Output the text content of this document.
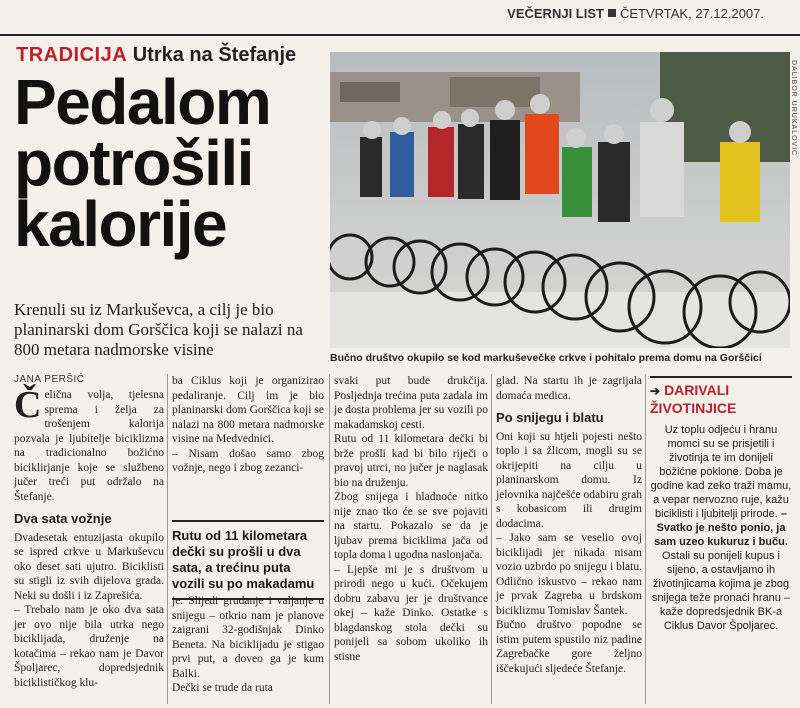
VEČERNJI LIST ČETVRTAK, 27.12.2007.
TRADICIJA Utrka na Štefanje
Pedalom
potrošili
kalorije
Krenuli su iz Markuševca, a cilj je bio planinarski dom Gorščica koji se nalazi na 800 metara nadmorske visine
DALIBOR URUKALOVIĆ
Bučno društvo okupilo se kod markuševečke crkve i pohitalo prema domu na Gorščici
JANA PERŠIĆ

Čelična volja, tjelesna sprema i želja za trošenjem kalorija pozvala je ljubitelje biciklizma na tradicionalno božićno biciklirjanje koje se službeno jučer treći put održalo na Štefanje.

Dva sata vožnje

Dvadesetak entuzijasta okupilo se ispred crkve u Markuševcu oko deset sati ujutro. Biciklisti su stigli iz svih dijelova grada. Neki su došli i iz Zaprešića.

– Trebalo nam je oko dva sata jer ovo nije bila utrka nego biciklijada, druženje na kotačima – rekao nam je Davor Špoljarec, dopredsjednik biciklističkog klu-

ba Ciklus koji je organizirao pedaliranje. Cilj im je bio planinarski dom Gorščica koji se nalazi na 800 metara nadmorske visine na Medvednici.

– Nisam došao samo zbog vožnje, nego i zbog zezanci-

Rutu od 11 kilometara dečki su prošli u dva sata, a trećinu puta vozili su po makadamu

je. Slijedi grudanje i valjanje u snijegu – otkrio nam je planove zaigrani 32-godišnjak Dinko Beneta. Na biciklijadu je stigao prvi put, a doveo ga je kum Balki.

Dečki se trude da ruta

svaki put bude drukčija. Posljednja trećina puta zadala im je dosta problema jer su vozili po makadamskoj cesti.

Rutu od 11 kilometara dečki bi brže prošli kad bi bilo riječi o pravoj utrci, no jučer je naglasak bio na druženju.

Zbog snijega i hladnoće nitko nije znao tko će se sve pojaviti na startu. Pokazalo se da je ljubav prema biciklima jača od topla doma i ugodna naslonjača.

– Ljepše mi je s društvom u prirodi nego u kući. Očekujem dobru zabavu jer je društvance okej – kaže Dinko. Ostatke s blagdanskog stola dečki su ponijeli sa sobom ukoliko ih stisne

glad. Na startu ih je zagrijala domaća medica.

Po snijegu i blatu

Oni koji su htjeli pojesti nešto toplo i sa žlicom, mogli su se okrijepiti na cilju u planinarskom domu. Iz jelovnika najčešće odabiru grah s kobasicom ili drugim dodacima.

– Jako sam se veselio ovoj biciklijadi jer nikada nisam vozio uzbrdo po snijegu i blatu. Odlično iskustvo – rekao nam je prvak Zagreba u brdskom biciklizmu Tomislav Šantek.

Bučno društvo popodne se istim putem spustilo niz padine Zagrebačke gore željno iščekujući sljedeće Štefanje.

➔ DARIVALI ŽIVOTINJICE
Uz toplu odjeću i hranu momci su se prisjetili i životinja te im donijeli božićne poklone. Doba je godine kad zeko traži mamu, a vepar nervozno ruje, kažu biciklisti i ljubitelji prirode. – Svatko je nešto ponio, ja sam uzeo kukuruz i buču. Ostali su ponijeli kupus i sijeno, a ostavljamo ih životinjicama kojima je zbog snijega teže pronaći hranu – kaže dopredsjednik BK-a Ciklus Davor Špoljarec.
